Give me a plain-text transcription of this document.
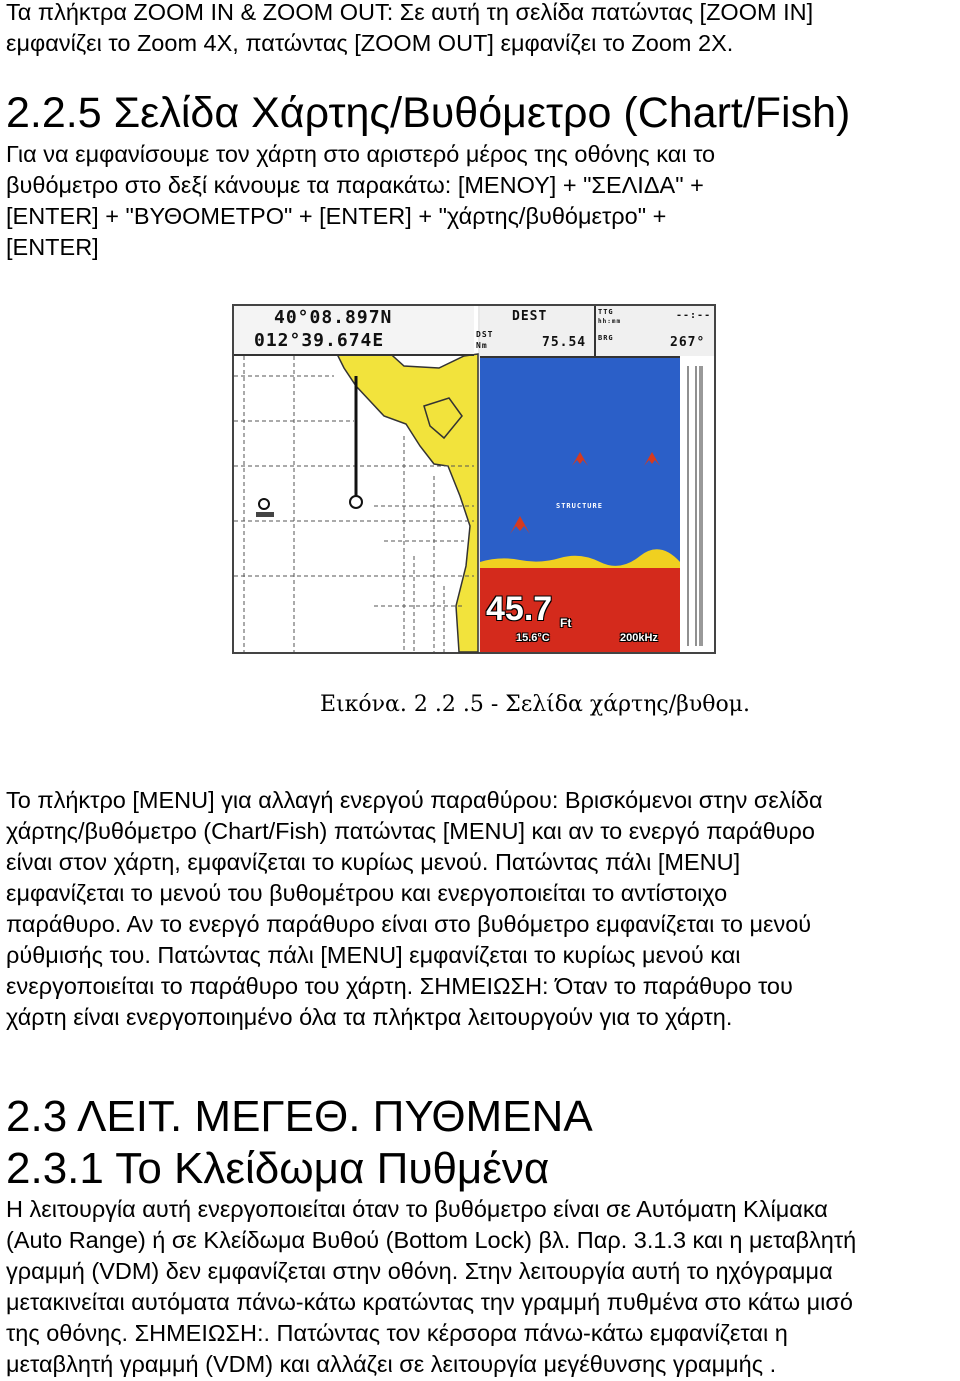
Τα πλήκτρα ZOOM IN & ZOOM OUT: Σε αυτή τη σελίδα πατώντας [ZOOM IN]

εμφανίζει το Zoom 4X, πατώντας [ZOOM OUT] εμφανίζει το Zoom 2X.

2.2.5 Σελίδα Χάρτης/Βυθόμετρο (Chart/Fish)

Για να εμφανίσουμε τον χάρτη στο αριστερό μέρος της οθόνης και το

βυθόμετρο στο δεξί κάνουμε τα παρακάτω: [ΜΕΝΟΥ] + "ΣΕΛΙΔΑ" +

[ENTER] + "ΒΥΘΟΜΕΤΡΟ" + [ENTER] + "χάρτης/βυθόμετρο" +

[ENTER]

40°08.897N
012°39.674E
DEST
DST
Nm	75.54
TTG
hh:mm
--:--
BRG	267°
STRUCTURE
45.7 Ft
15.6°C	200kHz
Εικόνα. 2 .2 .5 - Σελίδα χάρτης/βυθομ.

Το πλήκτρο [MENU] για αλλαγή ενεργού παραθύρου: Βρισκόμενοι στην σελίδα

χάρτης/βυθόμετρο (Chart/Fish) πατώντας [MENU] και αν το ενεργό παράθυρο

είναι στον χάρτη, εμφανίζεται το κυρίως μενού. Πατώντας πάλι [MENU]

εμφανίζεται το μενού του βυθομέτρου και ενεργοποιείται το αντίστοιχο

παράθυρο. Αν το ενεργό παράθυρο είναι στο βυθόμετρο εμφανίζεται το μενού

ρύθμισής του. Πατώντας πάλι [MENU] εμφανίζεται το κυρίως μενού και

ενεργοποιείται το παράθυρο του χάρτη. ΣΗΜΕΙΩΣΗ: Όταν το παράθυρο του

χάρτη είναι ενεργοποιημένο όλα τα πλήκτρα λειτουργούν για το χάρτη.

2.3 ΛΕΙΤ. ΜΕΓΕΘ. ΠΥΘΜΕΝΑ
2.3.1 Το Κλείδωμα Πυθμένα

Η λειτουργία αυτή ενεργοποιείται όταν το βυθόμετρο είναι σε Αυτόματη Κλίμακα

(Auto Range) ή σε Κλείδωμα Βυθού (Bottom Lock) βλ. Παρ. 3.1.3 και η μεταβλητή

γραμμή (VDM) δεν εμφανίζεται στην οθόνη. Στην λειτουργία αυτή το ηχόγραμμα

μετακινείται αυτόματα πάνω-κάτω κρατώντας την γραμμή πυθμένα στο κάτω μισό

της οθόνης. ΣΗΜΕΙΩΣΗ:. Πατώντας τον κέρσορα πάνω-κάτω εμφανίζεται η

μεταβλητή γραμμή (VDM) και αλλάζει σε λειτουργία μεγέθυνσης γραμμής .
